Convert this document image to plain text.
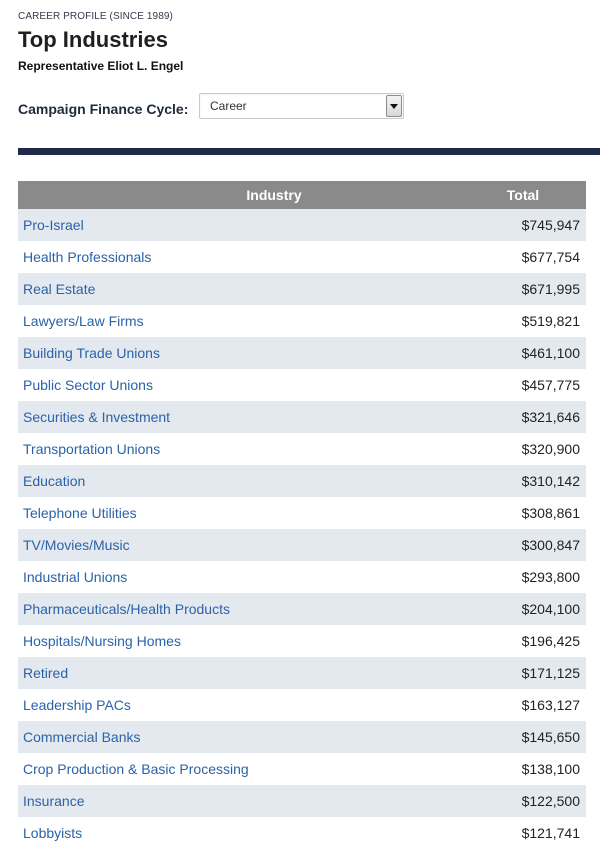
CAREER PROFILE (SINCE 1989)
Top Industries
Representative Eliot L. Engel
Campaign Finance Cycle: Career
Industry	Total
Pro-Israel	$745,947
Health Professionals	$677,754
Real Estate	$671,995
Lawyers/Law Firms	$519,821
Building Trade Unions	$461,100
Public Sector Unions	$457,775
Securities & Investment	$321,646
Transportation Unions	$320,900
Education	$310,142
Telephone Utilities	$308,861
TV/Movies/Music	$300,847
Industrial Unions	$293,800
Pharmaceuticals/Health Products	$204,100
Hospitals/Nursing Homes	$196,425
Retired	$171,125
Leadership PACs	$163,127
Commercial Banks	$145,650
Crop Production & Basic Processing	$138,100
Insurance	$122,500
Lobbyists	$121,741
